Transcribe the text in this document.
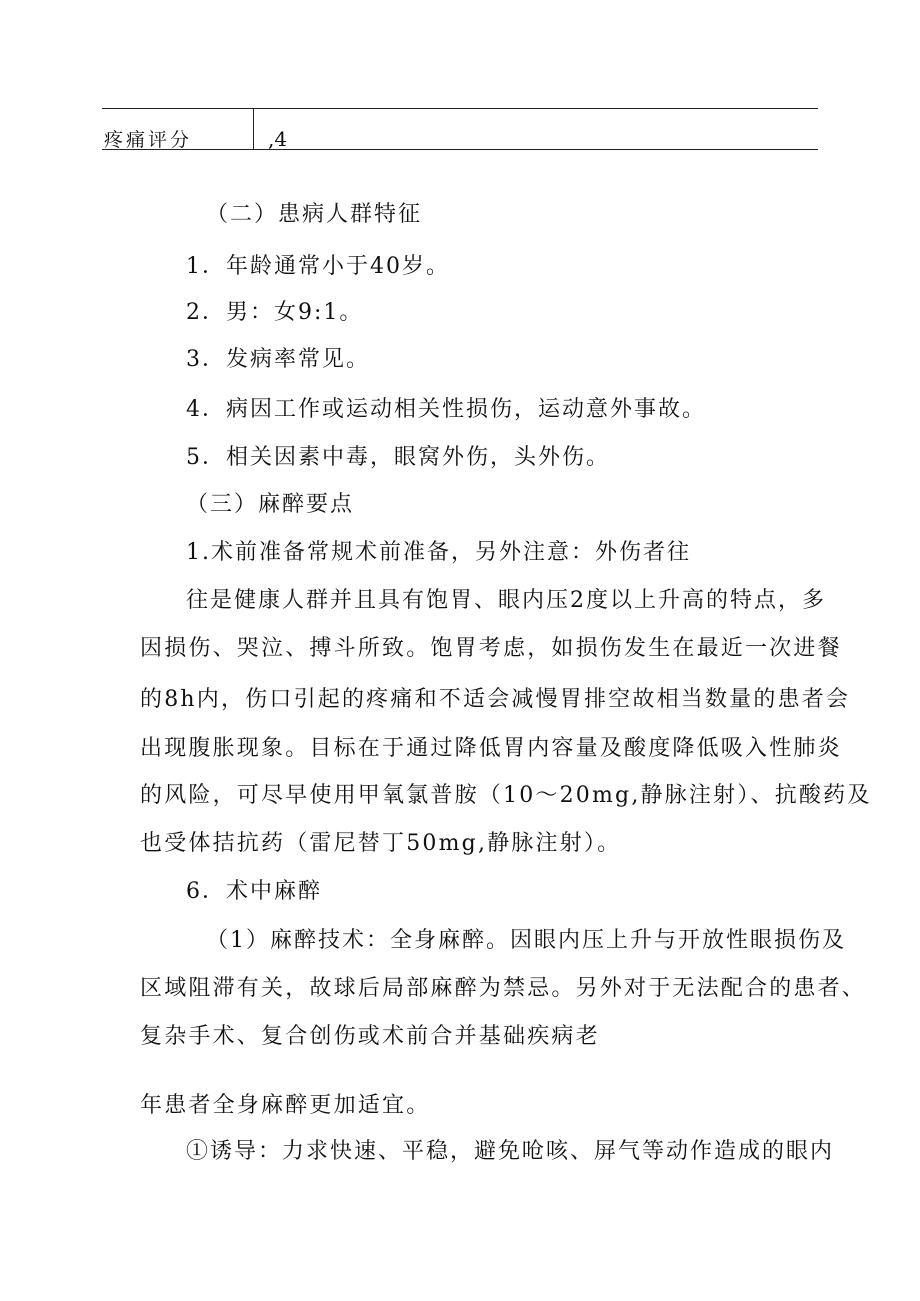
疼痛评分	,4
（二）患病人群特征
1．年龄通常小于40岁。
2．男：女9:1。
3．发病率常见。
4．病因工作或运动相关性损伤，运动意外事故。
5．相关因素中毒，眼窝外伤，头外伤。
（三）麻醉要点
1.术前准备常规术前准备，另外注意：外伤者往
往是健康人群并且具有饱胃、眼内压2度以上升高的特点，多
因损伤、哭泣、搏斗所致。饱胃考虑，如损伤发生在最近一次进餐
的8h内，伤口引起的疼痛和不适会减慢胃排空故相当数量的患者会
出现腹胀现象。目标在于通过降低胃内容量及酸度降低吸入性肺炎
的风险，可尽早使用甲氧氯普胺（10～20mg,静脉注射）、抗酸药及
也受体拮抗药（雷尼替丁50mg,静脉注射）。
6．术中麻醉
（1）麻醉技术：全身麻醉。因眼内压上升与开放性眼损伤及
区域阻滞有关，故球后局部麻醉为禁忌。另外对于无法配合的患者、
复杂手术、复合创伤或术前合并基础疾病老
年患者全身麻醉更加适宜。
①诱导：力求快速、平稳，避免呛咳、屏气等动作造成的眼内
